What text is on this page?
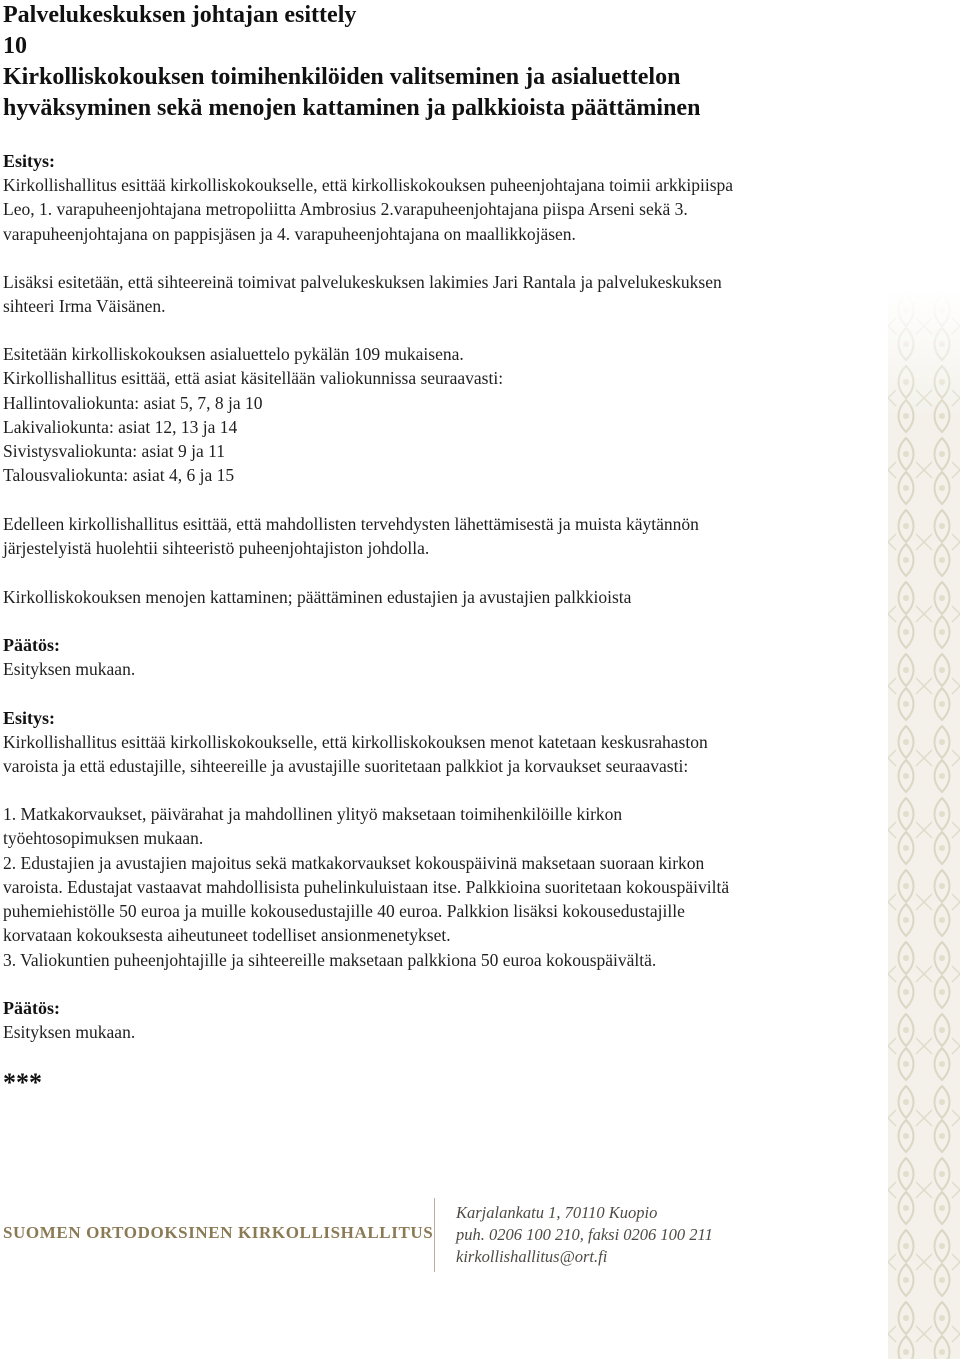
Palvelukeskuksen johtajan esittely
10
Kirkolliskokouksen toimihenkilöiden valitseminen ja asialuettelon
hyväksyminen sekä menojen kattaminen ja palkkioista päättäminen
Esitys:

Kirkollishallitus esittää kirkolliskokoukselle, että kirkolliskokouksen puheenjohtajana toimii arkkipiispa

Leo, 1. varapuheenjohtajana metropoliitta Ambrosius 2.varapuheenjohtajana piispa Arseni sekä 3.

varapuheenjohtajana on pappisjäsen ja 4. varapuheenjohtajana on maallikkojäsen.

Lisäksi esitetään, että sihteereinä toimivat palvelukeskuksen lakimies Jari Rantala ja palvelukeskuksen

sihteeri Irma Väisänen.

Esitetään kirkolliskokouksen asialuettelo pykälän 109 mukaisena.

Kirkollishallitus esittää, että asiat käsitellään valiokunnissa seuraavasti:

Hallintovaliokunta: asiat 5, 7, 8 ja 10

Lakivaliokunta: asiat 12, 13 ja 14

Sivistysvaliokunta: asiat 9 ja 11

Talousvaliokunta: asiat 4, 6 ja 15

Edelleen kirkollishallitus esittää, että mahdollisten tervehdysten lähettämisestä ja muista käytännön

järjestelyistä huolehtii sihteeristö puheenjohtajiston johdolla.

Kirkolliskokouksen menojen kattaminen; päättäminen edustajien ja avustajien palkkioista

Päätös:

Esityksen mukaan.

Esitys:

Kirkollishallitus esittää kirkolliskokoukselle, että kirkolliskokouksen menot katetaan keskusrahaston

varoista ja että edustajille, sihteereille ja avustajille suoritetaan palkkiot ja korvaukset seuraavasti:

1. Matkakorvaukset, päivärahat ja mahdollinen ylityö maksetaan toimihenkilöille kirkon

työehtosopimuksen mukaan.

2. Edustajien ja avustajien majoitus sekä matkakorvaukset kokouspäivinä maksetaan suoraan kirkon

varoista. Edustajat vastaavat mahdollisista puhelinkuluistaan itse. Palkkioina suoritetaan kokouspäiviltä

puhemiehistölle 50 euroa ja muille kokousedustajille 40 euroa. Palkkion lisäksi kokousedustajille

korvataan kokouksesta aiheutuneet todelliset ansionmenetykset.

3. Valiokuntien puheenjohtajille ja sihteereille maksetaan palkkiona 50 euroa kokouspäivältä.

Päätös:

Esityksen mukaan.

***
SUOMEN ORTODOKSINEN KIRKOLLISHALLITUS
Karjalankatu 1, 70110 Kuopio
puh. 0206 100 210, faksi 0206 100 211
kirkollishallitus@ort.fi
